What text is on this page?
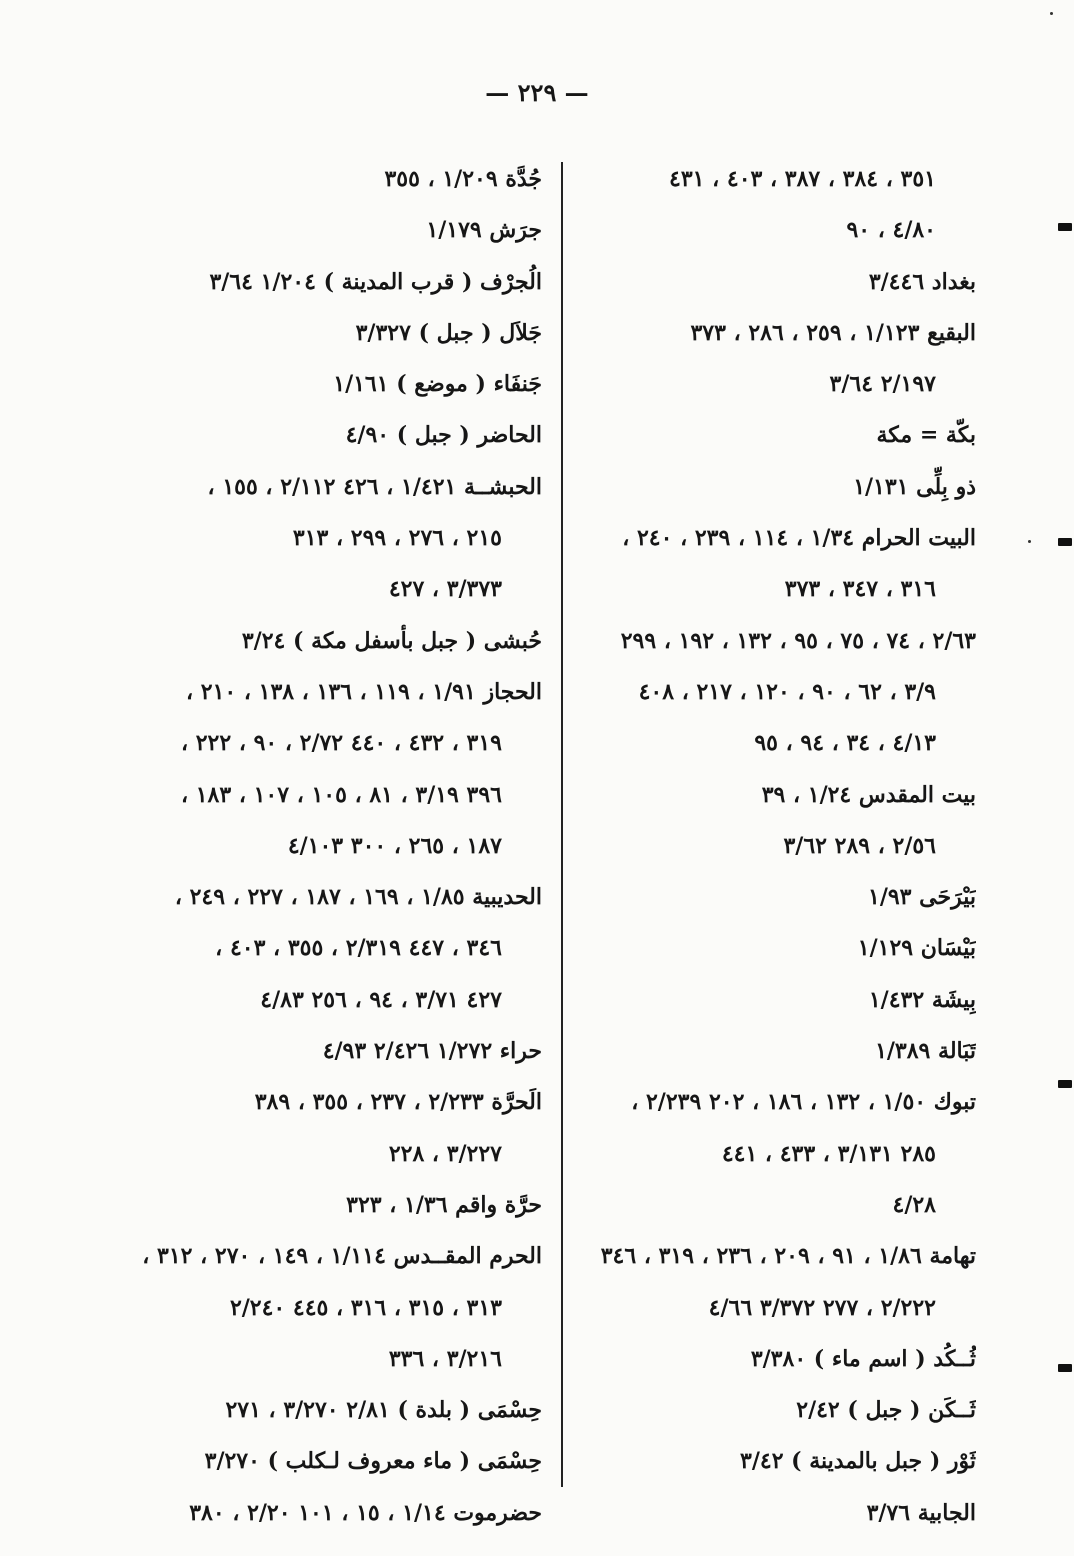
— ٢٢٩ —
جُدَّة ١/٢٠٩ ، ٣٥٥
جرَش ١/١٧٩
الُجرْف ( قرب المدينة ) ١/٢٠٤ ٣/٦٤
جَلاَل ( جبل ) ٣/٣٢٧
جَنفَاء ( موضع ) ١/١٦١
الحاضر ( جبل ) ٤/٩٠
الحبشــة ١/٤٢١ ، ٤٢٦ ٢/١١٢ ، ١٥٥ ،
٢١٥ ، ٢٧٦ ، ٢٩٩ ، ٣١٣
٣/٣٧٣ ، ٤٢٧
حُبشى ( جبل بأسفل مكة ) ٣/٢٤
الحجاز ١/٩١ ، ١١٩ ، ١٣٦ ، ١٣٨ ، ٢١٠ ،
٣١٩ ، ٤٣٢ ، ٤٤٠ ٢/٧٢ ، ٩٠ ، ٢٢٢ ،
٣٩٦ ٣/١٩ ، ٨١ ، ١٠٥ ، ١٠٧ ، ١٨٣ ،
١٨٧ ، ٢٦٥ ، ٣٠٠ ٤/١٠٣
الحديبية ١/٨٥ ، ١٦٩ ، ١٨٧ ، ٢٢٧ ، ٢٤٩ ،
٣٤٦ ، ٤٤٧ ٢/٣١٩ ، ٣٥٥ ، ٤٠٣ ،
٤٢٧ ٣/٧١ ، ٩٤ ، ٢٥٦ ٤/٨٣
حراء ١/٢٧٢ ٢/٤٢٦ ٤/٩٣
الَحرَّة ٢/٢٣٣ ، ٢٣٧ ، ٣٥٥ ، ٣٨٩
٣/٢٢٧ ، ٢٢٨
حرَّة واقم ١/٣٦ ، ٣٢٣
الحرم المقــدس ١/١١٤ ، ١٤٩ ، ٢٧٠ ، ٣١٢ ،
٣١٣ ، ٣١٥ ، ٣١٦ ، ٤٤٥ ٢/٢٤٠
٣/٢١٦ ، ٣٣٦
حِسْمَى ( بلدة ) ٢/٨١ ٣/٢٧٠ ، ٢٧١
حِسْمَى ( ماء معروف لـكلب ) ٣/٢٧٠
حضرموت ١/١٤ ، ١٥ ، ١٠١ ٢/٢٠ ، ٣٨٠
٣٥١ ، ٣٨٤ ، ٣٨٧ ، ٤٠٣ ، ٤٣١
٤/٨٠ ، ٩٠
بغداد ٣/٤٤٦
البقيع ١/١٢٣ ، ٢٥٩ ، ٢٨٦ ، ٣٧٣
٢/١٩٧ ٣/٦٤
بكّة = مكة
ذو بِلِّى ١/١٣١
البيت الحرام ١/٣٤ ، ١١٤ ، ٢٣٩ ، ٢٤٠ ،
٣١٦ ، ٣٤٧ ، ٣٧٣
٢/٦٣ ، ٧٤ ، ٧٥ ، ٩٥ ، ١٣٢ ، ١٩٢ ، ٢٩٩
٣/٩ ، ٦٢ ، ٩٠ ، ١٢٠ ، ٢١٧ ، ٤٠٨
٤/١٣ ، ٣٤ ، ٩٤ ، ٩٥
بيت المقدس ١/٢٤ ، ٣٩
٢/٥٦ ، ٢٨٩ ٣/٦٢
بَيْرَحَى ١/٩٣
بَيْسَان ١/١٢٩
بِيشَة ١/٤٣٢
تَبَالة ١/٣٨٩
تبوك ١/٥٠ ، ١٣٢ ، ١٨٦ ، ٢٠٢ ٢/٢٣٩ ،
٢٨٥ ٣/١٣١ ، ٤٣٣ ، ٤٤١
٤/٢٨
تهامة ١/٨٦ ، ٩١ ، ٢٠٩ ، ٢٣٦ ، ٣١٩ ، ٣٤٦
٢/٢٢٢ ، ٢٧٧ ٣/٣٧٢ ٤/٦٦
ثُــكُد ( اسم ماء ) ٣/٣٨٠
ثَــكَن ( جبل ) ٢/٤٢
ثَوْر ( جبل بالمدينة ) ٣/٤٢
الجابية ٣/٧٦
